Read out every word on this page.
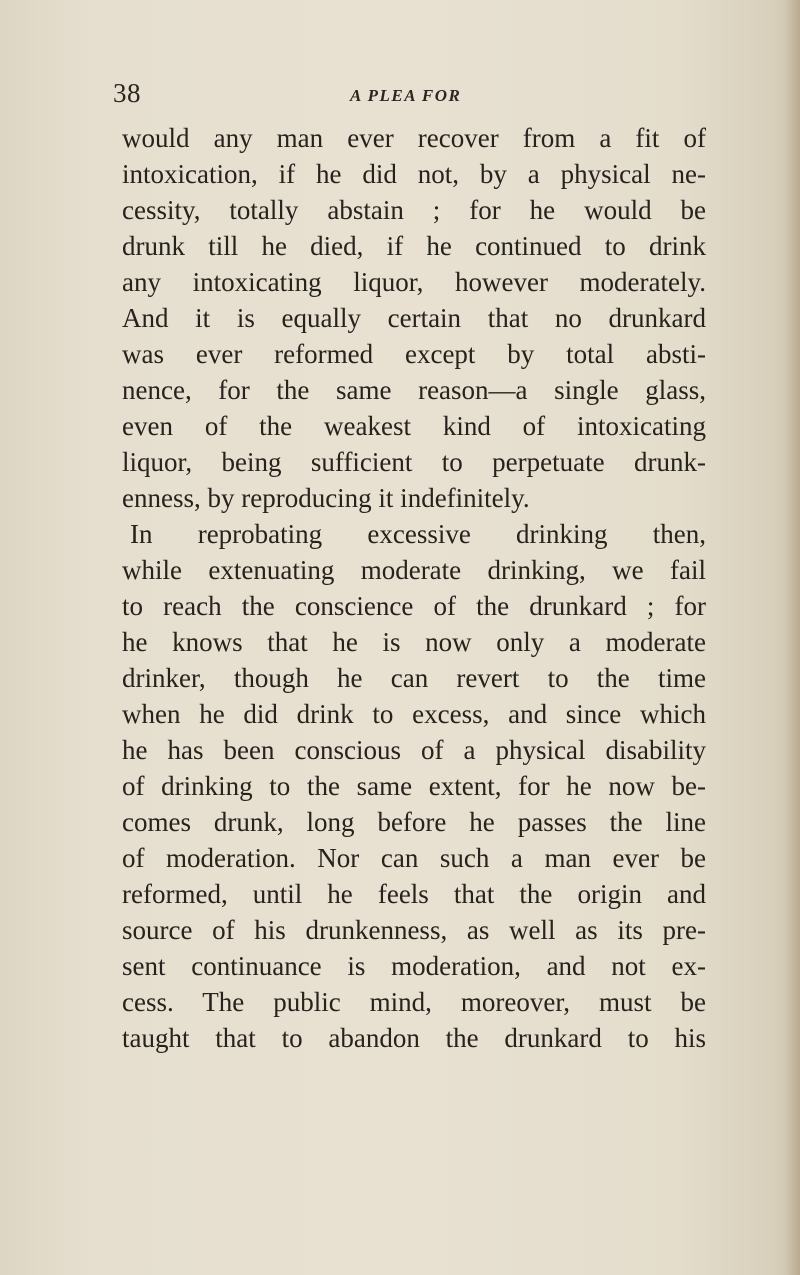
38	A PLEA FOR
would any man ever recover from a fit of
intoxication, if he did not, by a physical ne-
cessity, totally abstain ; for he would be
drunk till he died, if he continued to drink
any intoxicating liquor, however moderately.
And it is equally certain that no drunkard
was ever reformed except by total absti-
nence, for the same reason—a single glass,
even of the weakest kind of intoxicating
liquor, being sufficient to perpetuate drunk-
enness, by reproducing it indefinitely.
In reprobating excessive drinking then,
while extenuating moderate drinking, we fail
to reach the conscience of the drunkard ; for
he knows that he is now only a moderate
drinker, though he can revert to the time
when he did drink to excess, and since which
he has been conscious of a physical disability
of drinking to the same extent, for he now be-
comes drunk, long before he passes the line
of moderation. Nor can such a man ever be
reformed, until he feels that the origin and
source of his drunkenness, as well as its pre-
sent continuance is moderation, and not ex-
cess. The public mind, moreover, must be
taught that to abandon the drunkard to his
